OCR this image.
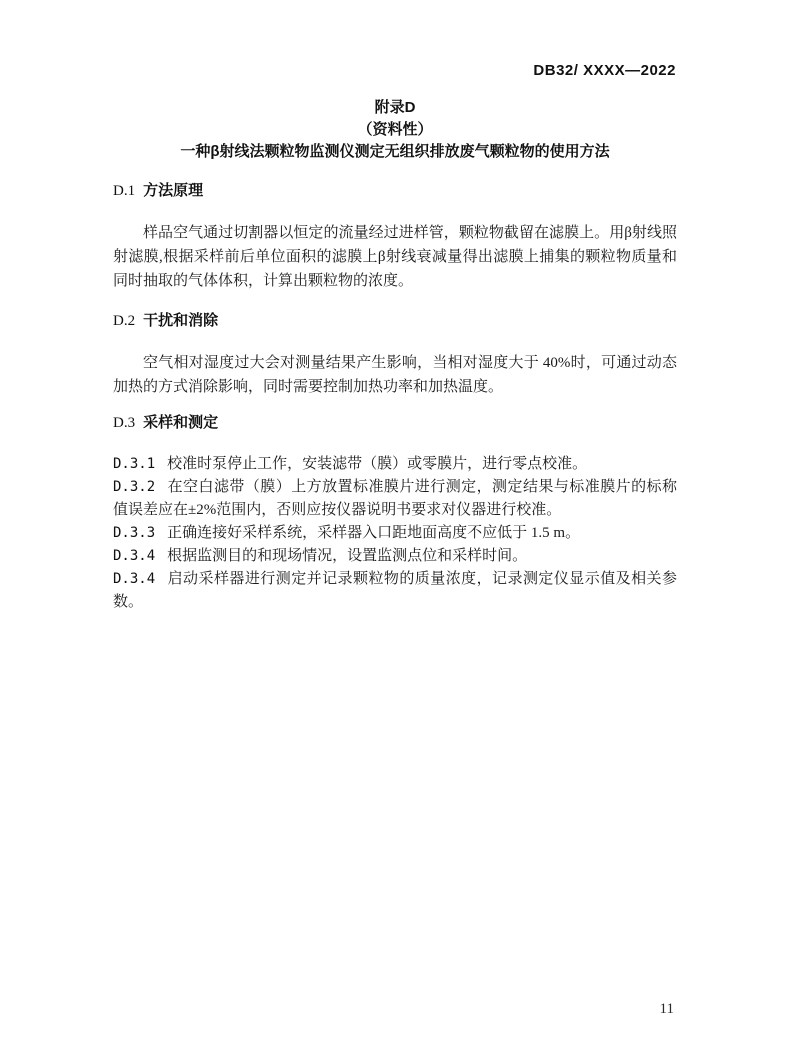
DB32/ XXXX—2022
附录D
（资料性）
一种β射线法颗粒物监测仪测定无组织排放废气颗粒物的使用方法
D.1 方法原理

样品空气通过切割器以恒定的流量经过进样管，颗粒物截留在滤膜上。用β射线照射滤膜,根据采样前后单位面积的滤膜上β射线衰减量得出滤膜上捕集的颗粒物质量和同时抽取的气体体积，计算出颗粒物的浓度。

D.2 干扰和消除

空气相对湿度过大会对测量结果产生影响，当相对湿度大于 40%时，可通过动态加热的方式消除影响，同时需要控制加热功率和加热温度。

D.3 采样和测定

D.3.1 校准时泵停止工作，安装滤带（膜）或零膜片，进行零点校准。

D.3.2 在空白滤带（膜）上方放置标准膜片进行测定，测定结果与标准膜片的标称值误差应在±2%范围内，否则应按仪器说明书要求对仪器进行校准。

D.3.3 正确连接好采样系统，采样器入口距地面高度不应低于 1.5 m。

D.3.4 根据监测目的和现场情况，设置监测点位和采样时间。

D.3.4 启动采样器进行测定并记录颗粒物的质量浓度，记录测定仪显示值及相关参数。

11
